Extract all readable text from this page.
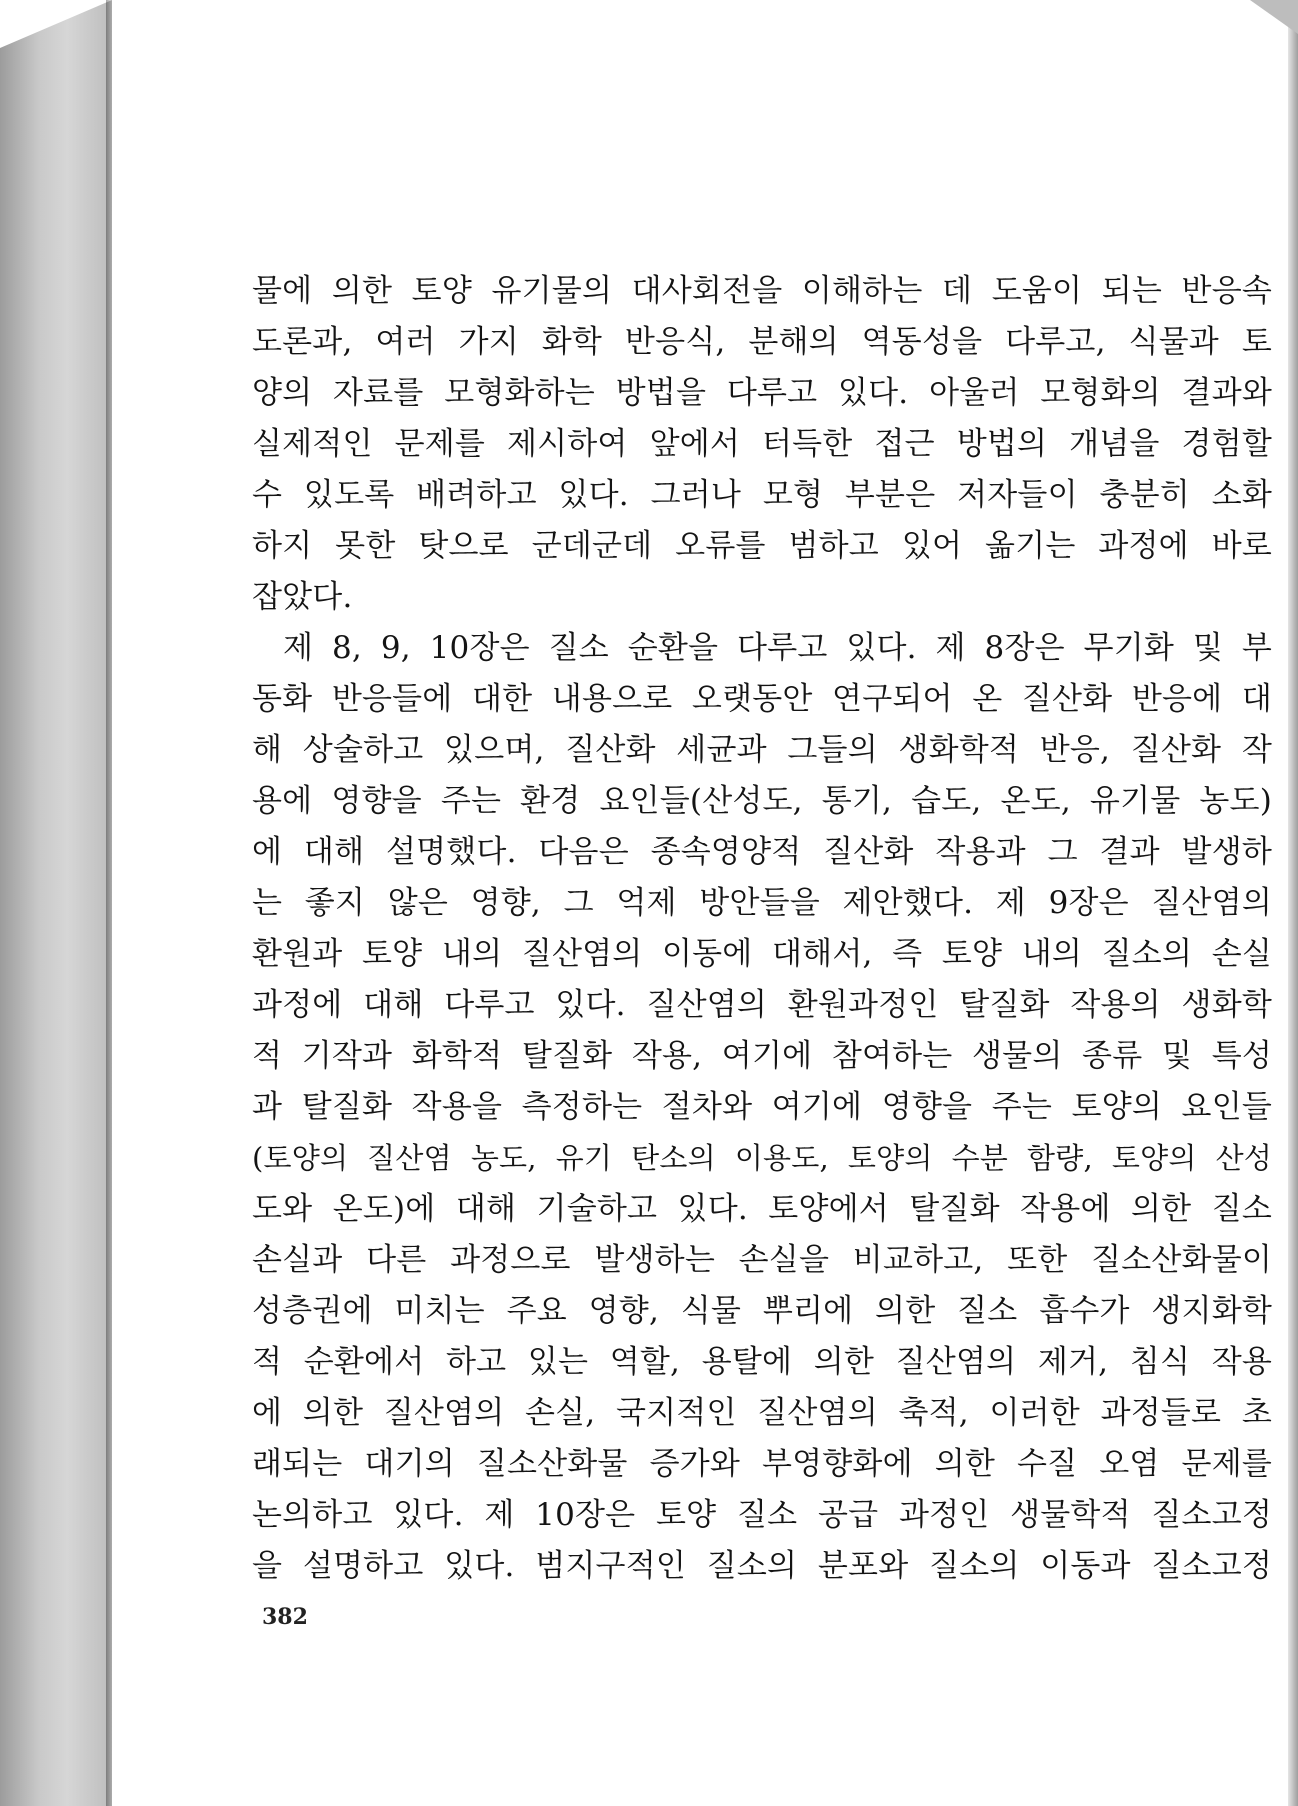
물에 의한 토양 유기물의 대사회전을 이해하는 데 도움이 되는 반응속
도론과, 여러 가지 화학 반응식, 분해의 역동성을 다루고, 식물과 토
양의 자료를 모형화하는 방법을 다루고 있다. 아울러 모형화의 결과와
실제적인 문제를 제시하여 앞에서 터득한 접근 방법의 개념을 경험할
수 있도록 배려하고 있다. 그러나 모형 부분은 저자들이 충분히 소화
하지 못한 탓으로 군데군데 오류를 범하고 있어 옮기는 과정에 바로
잡았다.
제 8, 9, 10장은 질소 순환을 다루고 있다. 제 8장은 무기화 및 부
동화 반응들에 대한 내용으로 오랫동안 연구되어 온 질산화 반응에 대
해 상술하고 있으며, 질산화 세균과 그들의 생화학적 반응, 질산화 작
용에 영향을 주는 환경 요인들(산성도, 통기, 습도, 온도, 유기물 농도)
에 대해 설명했다. 다음은 종속영양적 질산화 작용과 그 결과 발생하
는 좋지 않은 영향, 그 억제 방안들을 제안했다. 제 9장은 질산염의
환원과 토양 내의 질산염의 이동에 대해서, 즉 토양 내의 질소의 손실
과정에 대해 다루고 있다. 질산염의 환원과정인 탈질화 작용의 생화학
적 기작과 화학적 탈질화 작용, 여기에 참여하는 생물의 종류 및 특성
과 탈질화 작용을 측정하는 절차와 여기에 영향을 주는 토양의 요인들
(토양의 질산염 농도, 유기 탄소의 이용도, 토양의 수분 함량, 토양의 산성
도와 온도)에 대해 기술하고 있다. 토양에서 탈질화 작용에 의한 질소
손실과 다른 과정으로 발생하는 손실을 비교하고, 또한 질소산화물이
성층권에 미치는 주요 영향, 식물 뿌리에 의한 질소 흡수가 생지화학
적 순환에서 하고 있는 역할, 용탈에 의한 질산염의 제거, 침식 작용
에 의한 질산염의 손실, 국지적인 질산염의 축적, 이러한 과정들로 초
래되는 대기의 질소산화물 증가와 부영향화에 의한 수질 오염 문제를
논의하고 있다. 제 10장은 토양 질소 공급 과정인 생물학적 질소고정
을 설명하고 있다. 범지구적인 질소의 분포와 질소의 이동과 질소고정
382
